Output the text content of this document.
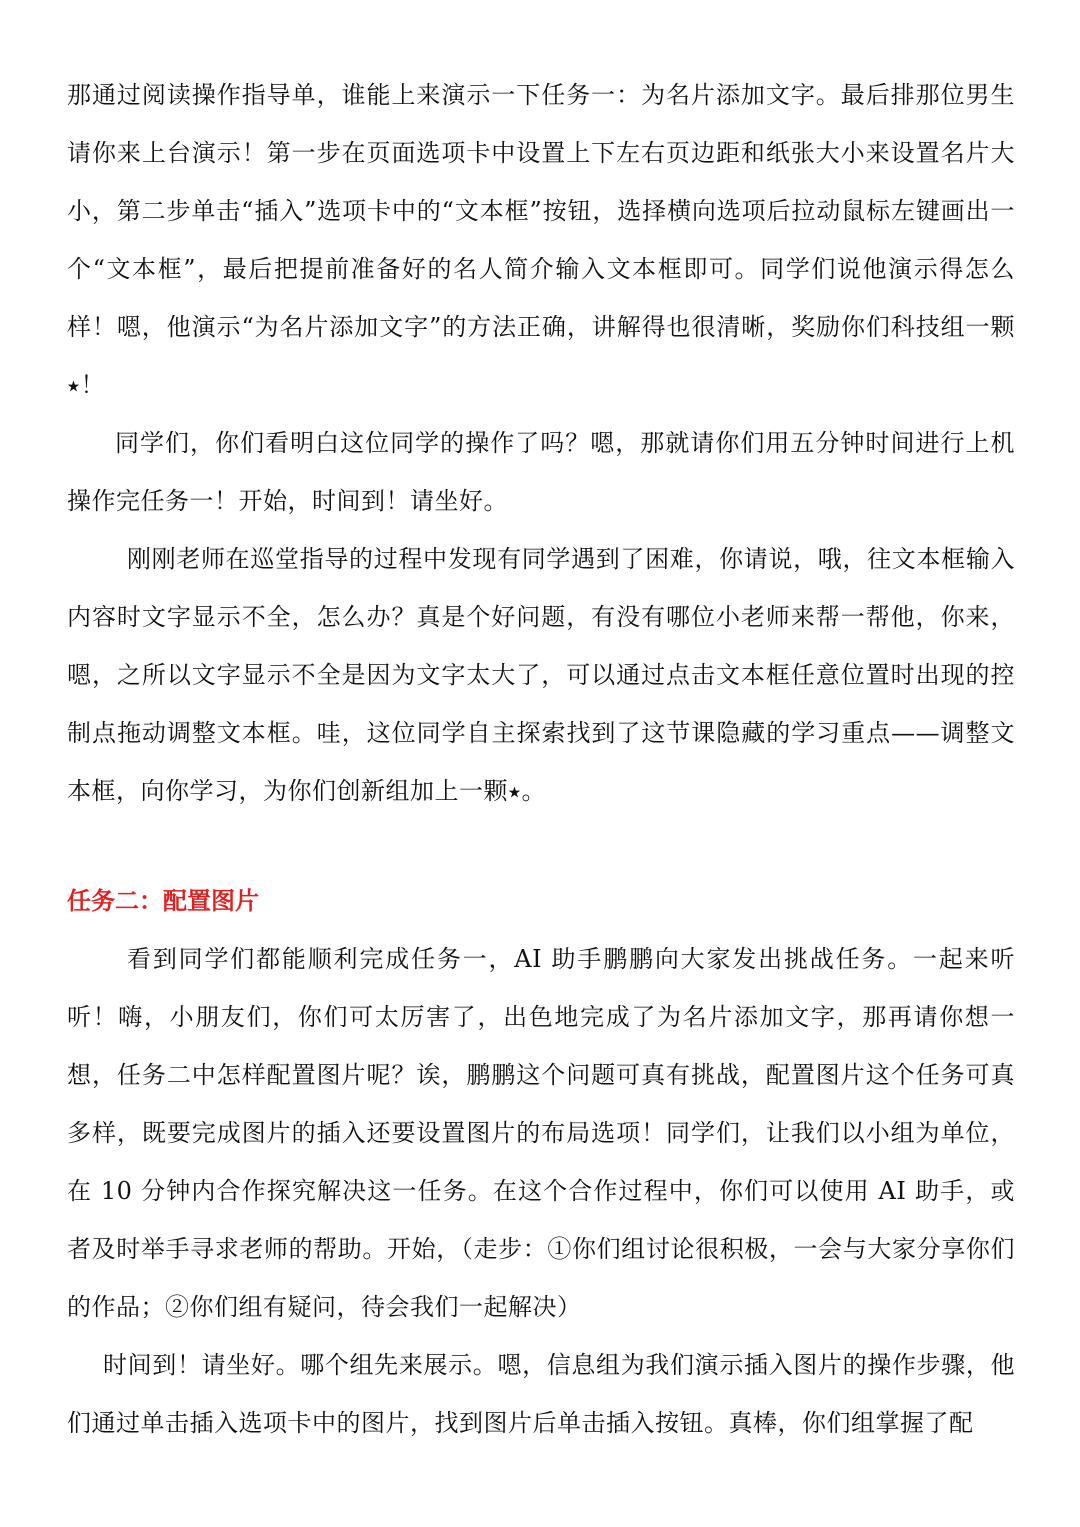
那通过阅读操作指导单，谁能上来演示一下任务一：为名片添加文字。最后排那位男生请你来上台演示！第一步在页面选项卡中设置上下左右页边距和纸张大小来设置名片大小，第二步单击“插入”选项卡中的“文本框”按钮，选择横向选项后拉动鼠标左键画出一个“文本框”，最后把提前准备好的名人简介输入文本框即可。同学们说他演示得怎么样！嗯，他演示“为名片添加文字”的方法正确，讲解得也很清晰，奖励你们科技组一颗⭑！

同学们，你们看明白这位同学的操作了吗？嗯，那就请你们用五分钟时间进行上机操作完任务一！开始，时间到！请坐好。

刚刚老师在巡堂指导的过程中发现有同学遇到了困难，你请说，哦，往文本框输入内容时文字显示不全，怎么办？真是个好问题，有没有哪位小老师来帮一帮他，你来，嗯，之所以文字显示不全是因为文字太大了，可以通过点击文本框任意位置时出现的控制点拖动调整文本框。哇，这位同学自主探索找到了这节课隐藏的学习重点——调整文本框，向你学习，为你们创新组加上一颗⭑。

任务二：配置图片

看到同学们都能顺利完成任务一，AI 助手鹏鹏向大家发出挑战任务。一起来听听！嗨，小朋友们，你们可太厉害了，出色地完成了为名片添加文字，那再请你想一想，任务二中怎样配置图片呢？诶，鹏鹏这个问题可真有挑战，配置图片这个任务可真多样，既要完成图片的插入还要设置图片的布局选项！同学们，让我们以小组为单位，在 10 分钟内合作探究解决这一任务。在这个合作过程中，你们可以使用 AI 助手，或者及时举手寻求老师的帮助。开始，（走步：①你们组讨论很积极，一会与大家分享你们的作品；②你们组有疑问，待会我们一起解决）

时间到！请坐好。哪个组先来展示。嗯，信息组为我们演示插入图片的操作步骤，他们通过单击插入选项卡中的图片，找到图片后单击插入按钮。真棒，你们组掌握了配
